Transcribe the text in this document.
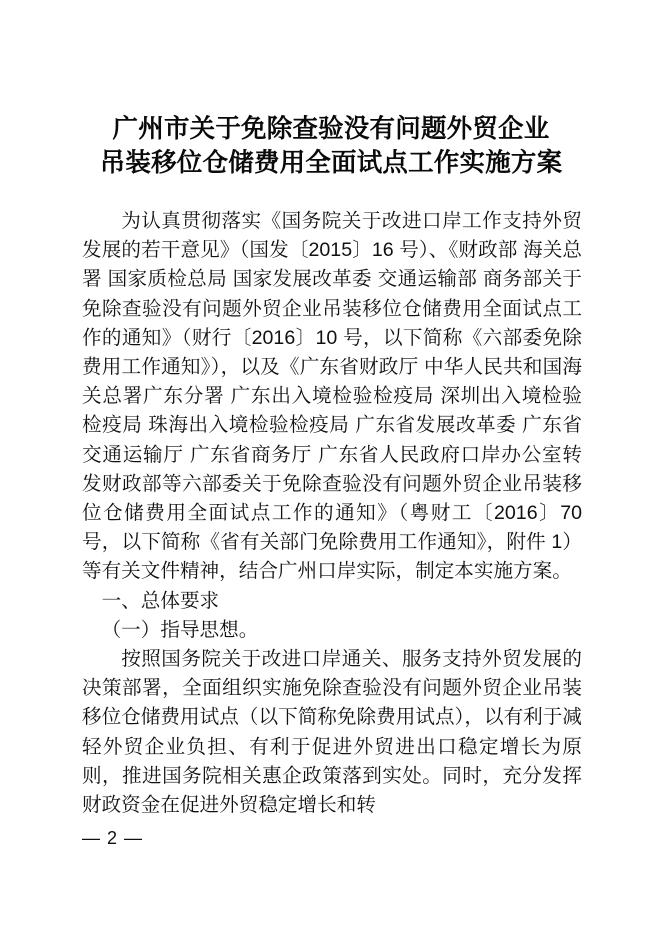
广州市关于免除查验没有问题外贸企业
吊装移位仓储费用全面试点工作实施方案

为认真贯彻落实《国务院关于改进口岸工作支持外贸发展的若干意见》（国发〔2015〕16 号）、《财政部 海关总署 国家质检总局 国家发展改革委 交通运输部 商务部关于免除查验没有问题外贸企业吊装移位仓储费用全面试点工作的通知》（财行〔2016〕10 号，以下简称《六部委免除费用工作通知》），以及《广东省财政厅 中华人民共和国海关总署广东分署 广东出入境检验检疫局 深圳出入境检验检疫局 珠海出入境检验检疫局 广东省发展改革委 广东省交通运输厅 广东省商务厅 广东省人民政府口岸办公室转发财政部等六部委关于免除查验没有问题外贸企业吊装移位仓储费用全面试点工作的通知》（粤财工〔2016〕70 号，以下简称《省有关部门免除费用工作通知》，附件 1）等有关文件精神，结合广州口岸实际，制定本实施方案。

一、总体要求

（一）指导思想。

按照国务院关于改进口岸通关、服务支持外贸发展的决策部署，全面组织实施免除查验没有问题外贸企业吊装移位仓储费用试点（以下简称免除费用试点），以有利于减轻外贸企业负担、有利于促进外贸进出口稳定增长为原则，推进国务院相关惠企政策落到实处。同时，充分发挥财政资金在促进外贸稳定增长和转

— 2 —
